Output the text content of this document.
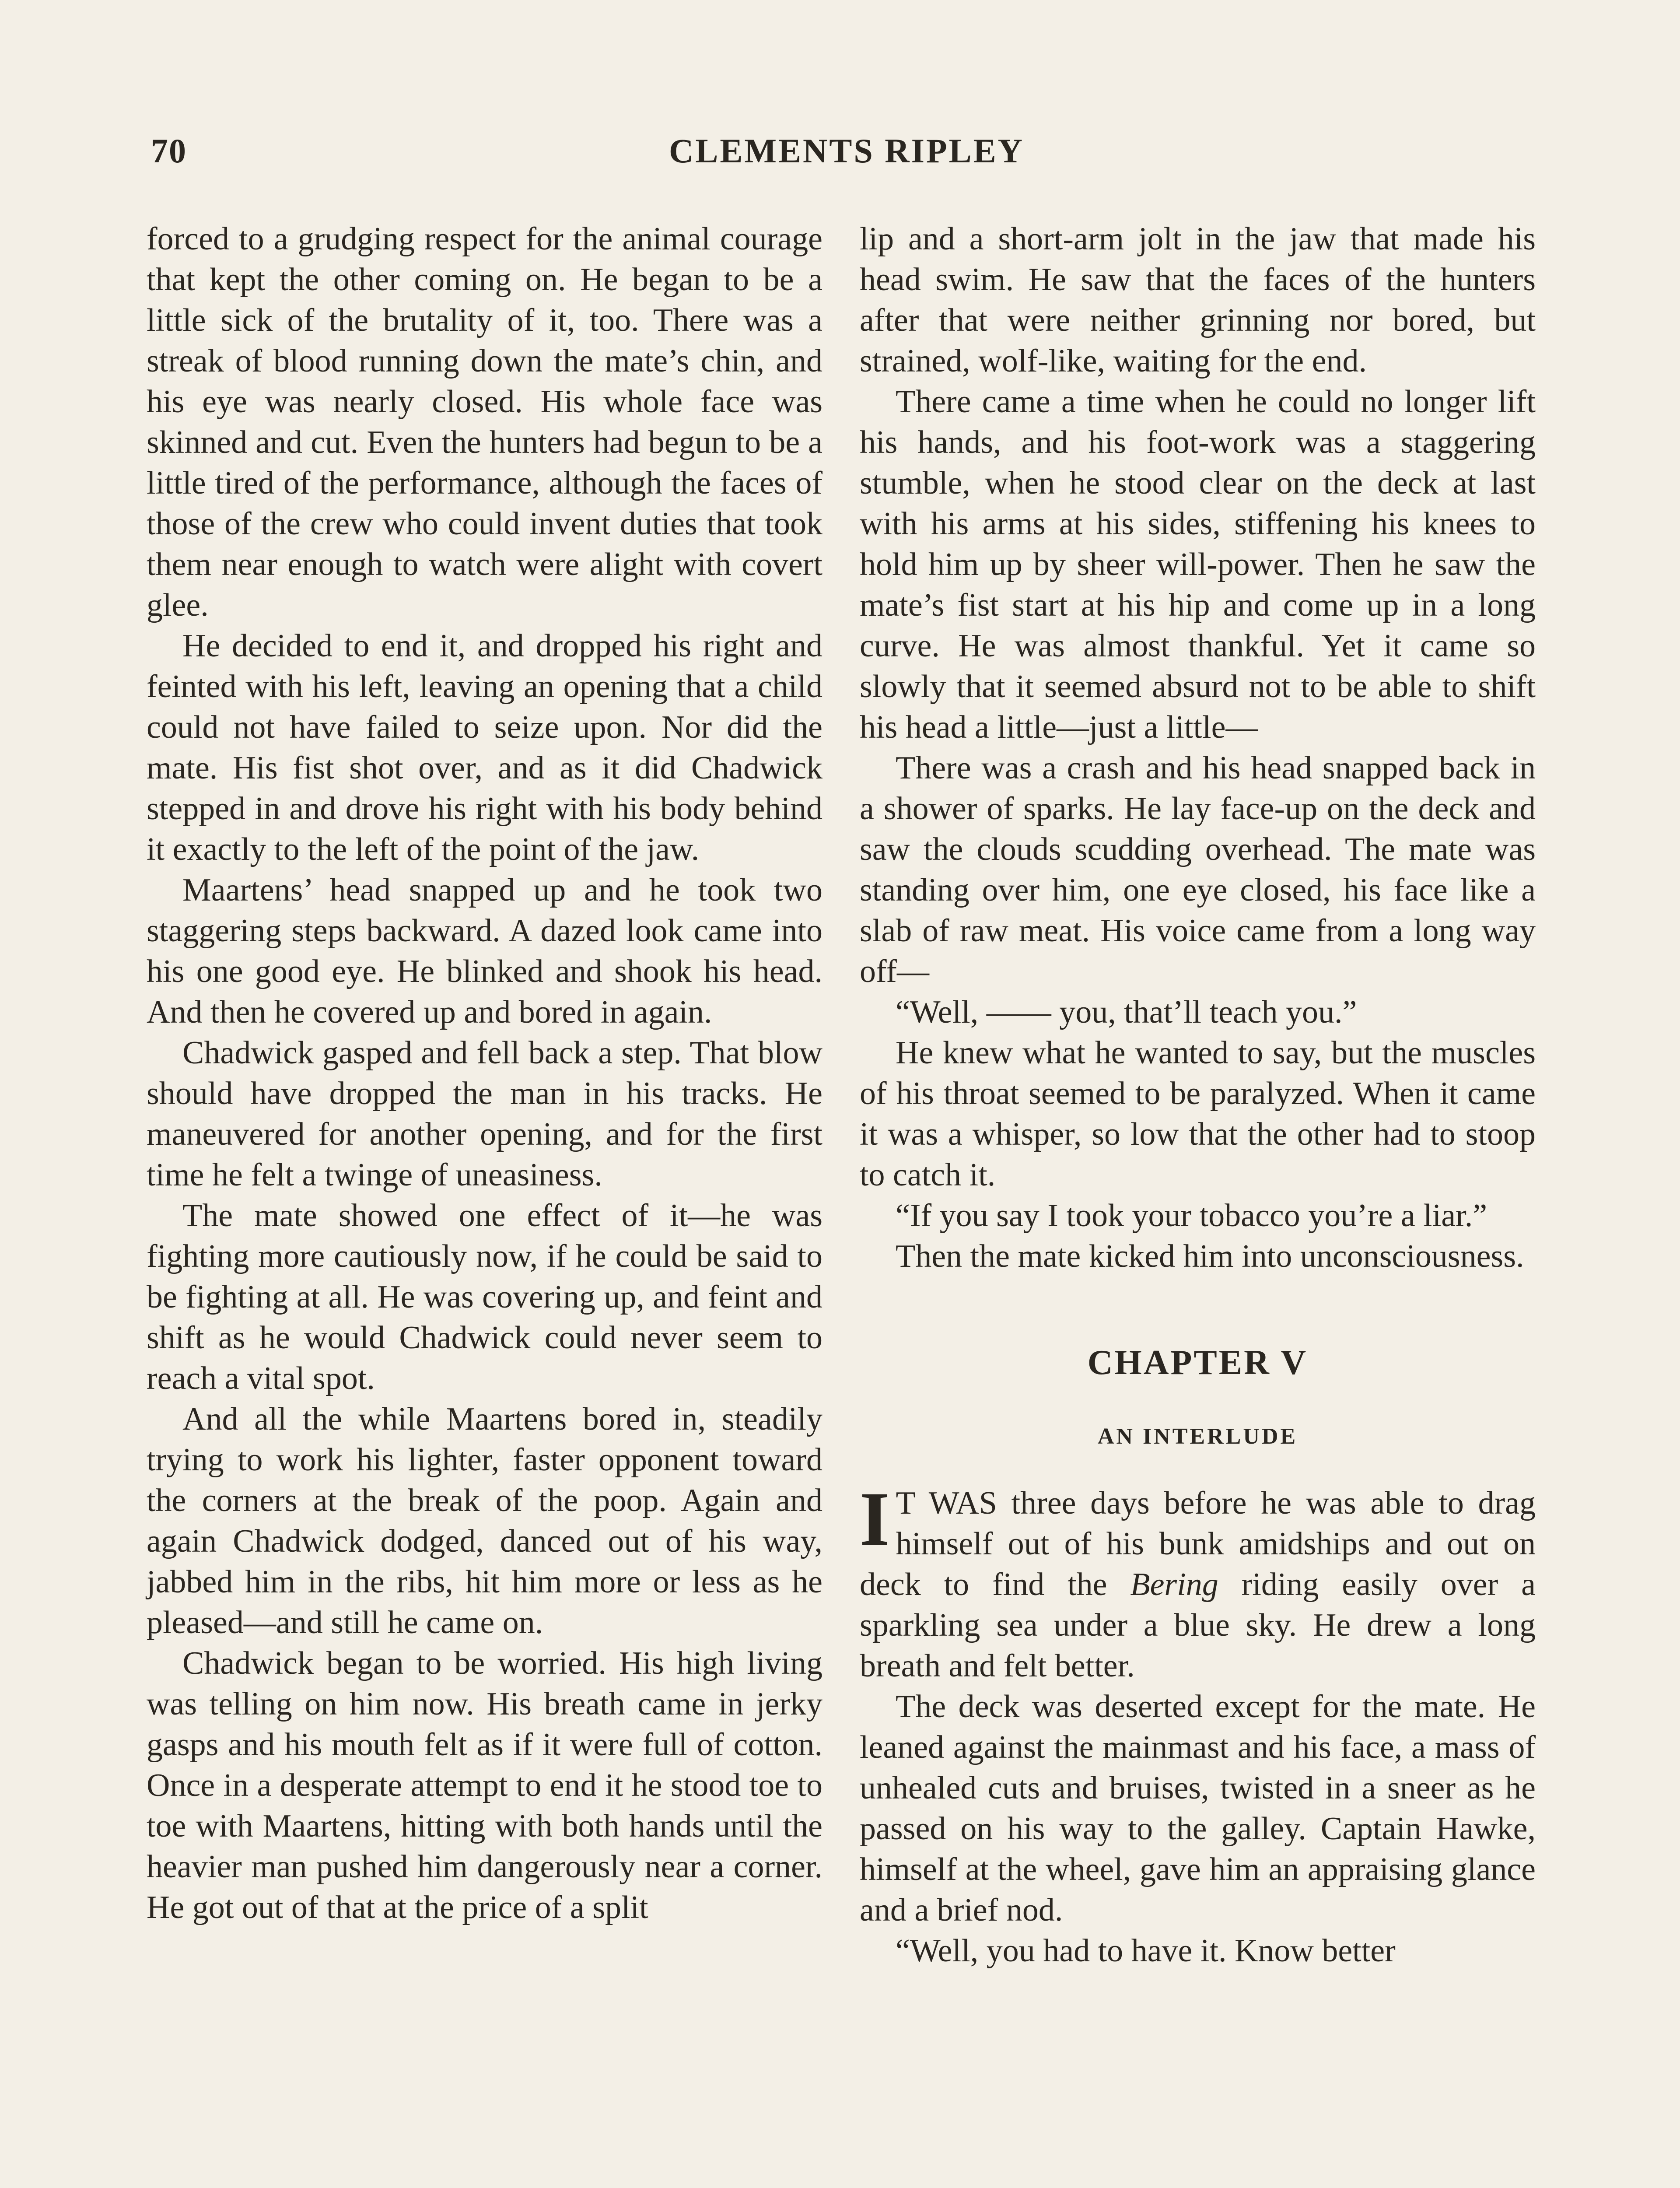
70	CLEMENTS RIPLEY

forced to a grudging respect for the animal courage that kept the other coming on. He began to be a little sick of the brutality of it, too. There was a streak of blood running down the mate’s chin, and his eye was nearly closed. His whole face was skinned and cut. Even the hunters had begun to be a little tired of the performance, although the faces of those of the crew who could invent duties that took them near enough to watch were alight with covert glee.

He decided to end it, and dropped his right and feinted with his left, leaving an opening that a child could not have failed to seize upon. Nor did the mate. His fist shot over, and as it did Chadwick stepped in and drove his right with his body behind it exactly to the left of the point of the jaw.

Maartens’ head snapped up and he took two staggering steps backward. A dazed look came into his one good eye. He blinked and shook his head. And then he covered up and bored in again.

Chadwick gasped and fell back a step. That blow should have dropped the man in his tracks. He maneuvered for another opening, and for the first time he felt a twinge of uneasiness.

The mate showed one effect of it—he was fighting more cautiously now, if he could be said to be fighting at all. He was covering up, and feint and shift as he would Chadwick could never seem to reach a vital spot.

And all the while Maartens bored in, steadily trying to work his lighter, faster opponent toward the corners at the break of the poop. Again and again Chadwick dodged, danced out of his way, jabbed him in the ribs, hit him more or less as he pleased—and still he came on.

Chadwick began to be worried. His high living was telling on him now. His breath came in jerky gasps and his mouth felt as if it were full of cotton. Once in a desperate attempt to end it he stood toe to toe with Maartens, hitting with both hands until the heavier man pushed him dangerously near a corner. He got out of that at the price of a split

lip and a short-arm jolt in the jaw that made his head swim. He saw that the faces of the hunters after that were neither grinning nor bored, but strained, wolf-like, waiting for the end.

There came a time when he could no longer lift his hands, and his foot-work was a staggering stumble, when he stood clear on the deck at last with his arms at his sides, stiffening his knees to hold him up by sheer will-power. Then he saw the mate’s fist start at his hip and come up in a long curve. He was almost thankful. Yet it came so slowly that it seemed absurd not to be able to shift his head a little—just a little—

There was a crash and his head snapped back in a shower of sparks. He lay face-up on the deck and saw the clouds scudding overhead. The mate was standing over him, one eye closed, his face like a slab of raw meat. His voice came from a long way off—

“Well, —— you, that’ll teach you.”

He knew what he wanted to say, but the muscles of his throat seemed to be paralyzed. When it came it was a whisper, so low that the other had to stoop to catch it.

“If you say I took your tobacco you’re a liar.”

Then the mate kicked him into unconsciousness.

CHAPTER V
AN INTERLUDE

I T WAS three days before he was able to drag himself out of his bunk amidships and out on deck to find the Bering riding easily over a sparkling sea under a blue sky. He drew a long breath and felt better.

The deck was deserted except for the mate. He leaned against the mainmast and his face, a mass of unhealed cuts and bruises, twisted in a sneer as he passed on his way to the galley. Captain Hawke, himself at the wheel, gave him an appraising glance and a brief nod.

“Well, you had to have it. Know better
